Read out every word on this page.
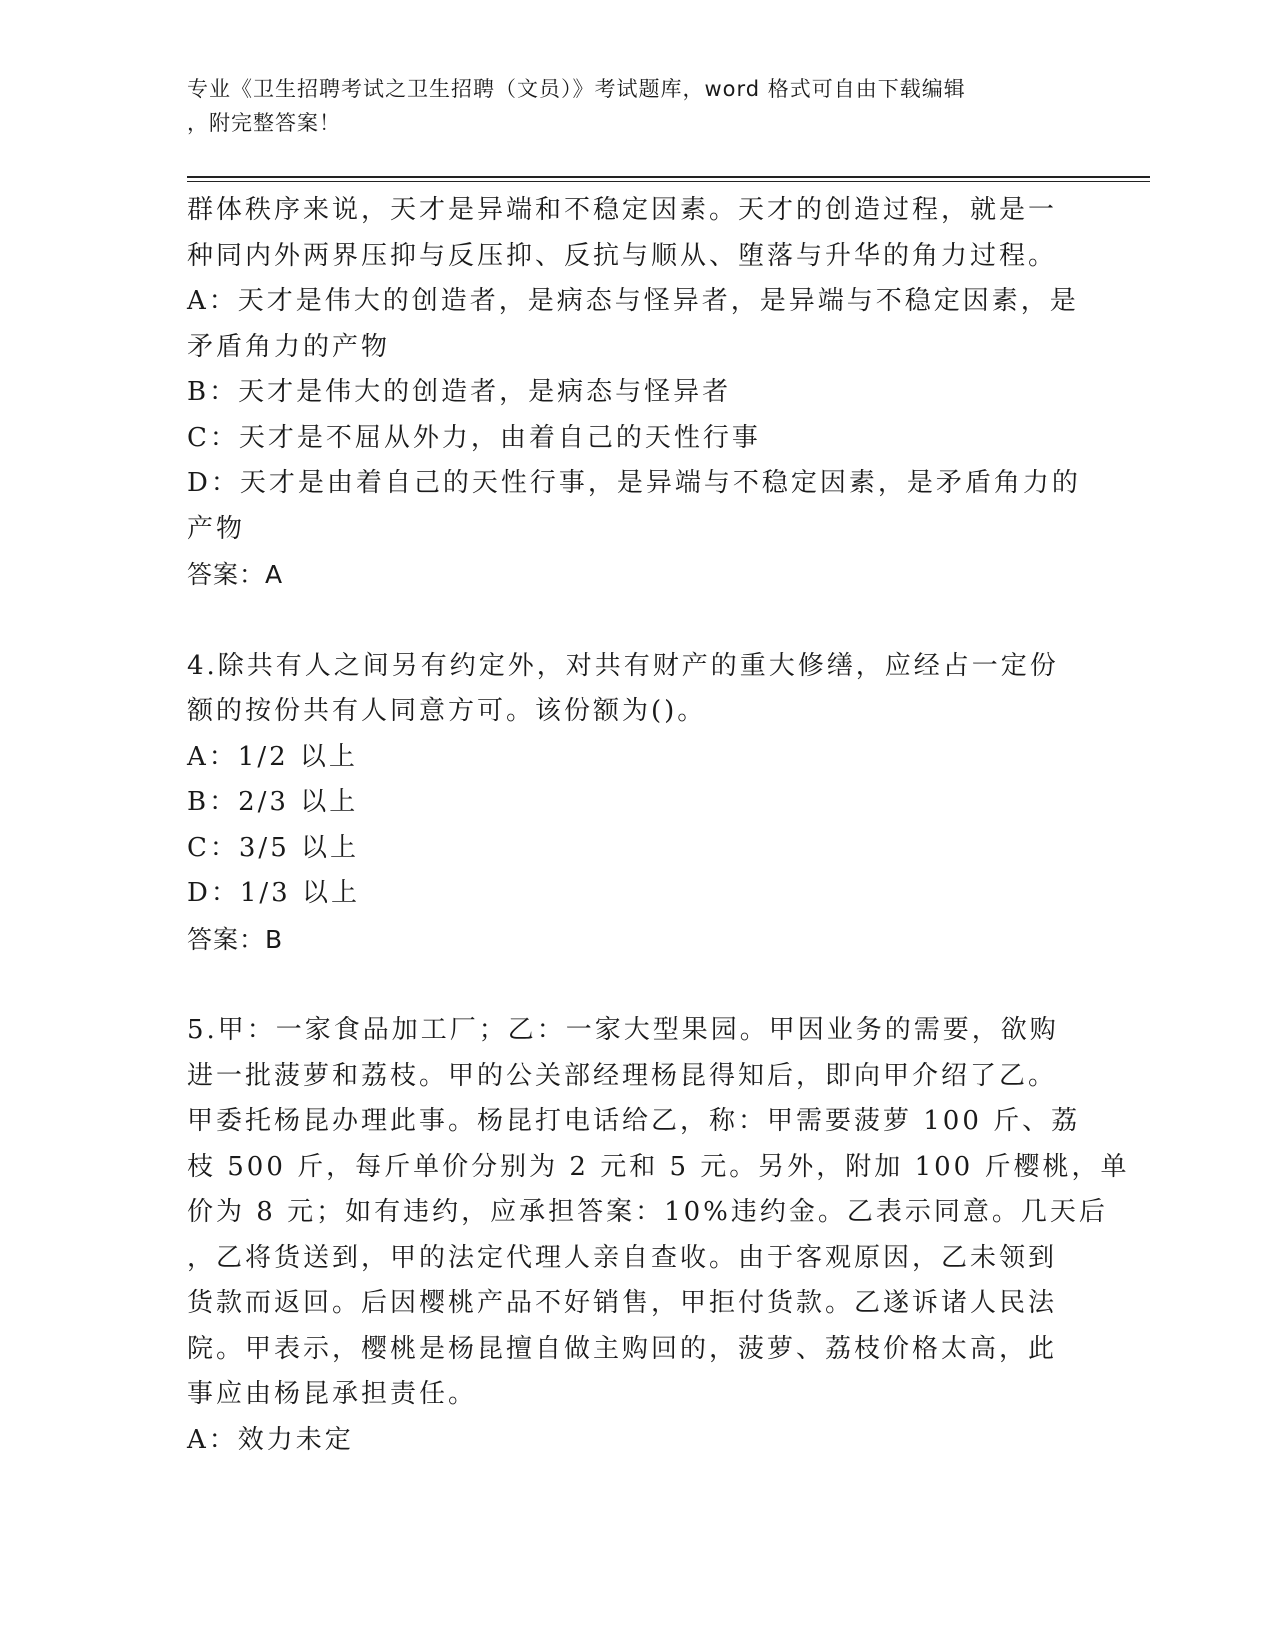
专业《卫生招聘考试之卫生招聘（文员）》考试题库，word 格式可自由下载编辑
，附完整答案！
群体秩序来说，天才是异端和不稳定因素。天才的创造过程，就是一
种同内外两界压抑与反压抑、反抗与顺从、堕落与升华的角力过程。
A：天才是伟大的创造者，是病态与怪异者，是异端与不稳定因素，是
矛盾角力的产物
B：天才是伟大的创造者，是病态与怪异者
C：天才是不屈从外力，由着自己的天性行事
D：天才是由着自己的天性行事，是异端与不稳定因素，是矛盾角力的
产物
答案：A
4.除共有人之间另有约定外，对共有财产的重大修缮，应经占一定份
额的按份共有人同意方可。该份额为()。
A：1/2 以上
B：2/3 以上
C：3/5 以上
D：1/3 以上
答案：B
5.甲：一家食品加工厂；乙：一家大型果园。甲因业务的需要，欲购
进一批菠萝和荔枝。甲的公关部经理杨昆得知后，即向甲介绍了乙。
甲委托杨昆办理此事。杨昆打电话给乙，称：甲需要菠萝 100 斤、荔
枝 500 斤，每斤单价分别为 2 元和 5 元。另外，附加 100 斤樱桃，单
价为 8 元；如有违约，应承担答案：10%违约金。乙表示同意。几天后
，乙将货送到，甲的法定代理人亲自查收。由于客观原因，乙未领到
货款而返回。后因樱桃产品不好销售，甲拒付货款。乙遂诉诸人民法
院。甲表示，樱桃是杨昆擅自做主购回的，菠萝、荔枝价格太高，此
事应由杨昆承担责任。
A：效力未定
